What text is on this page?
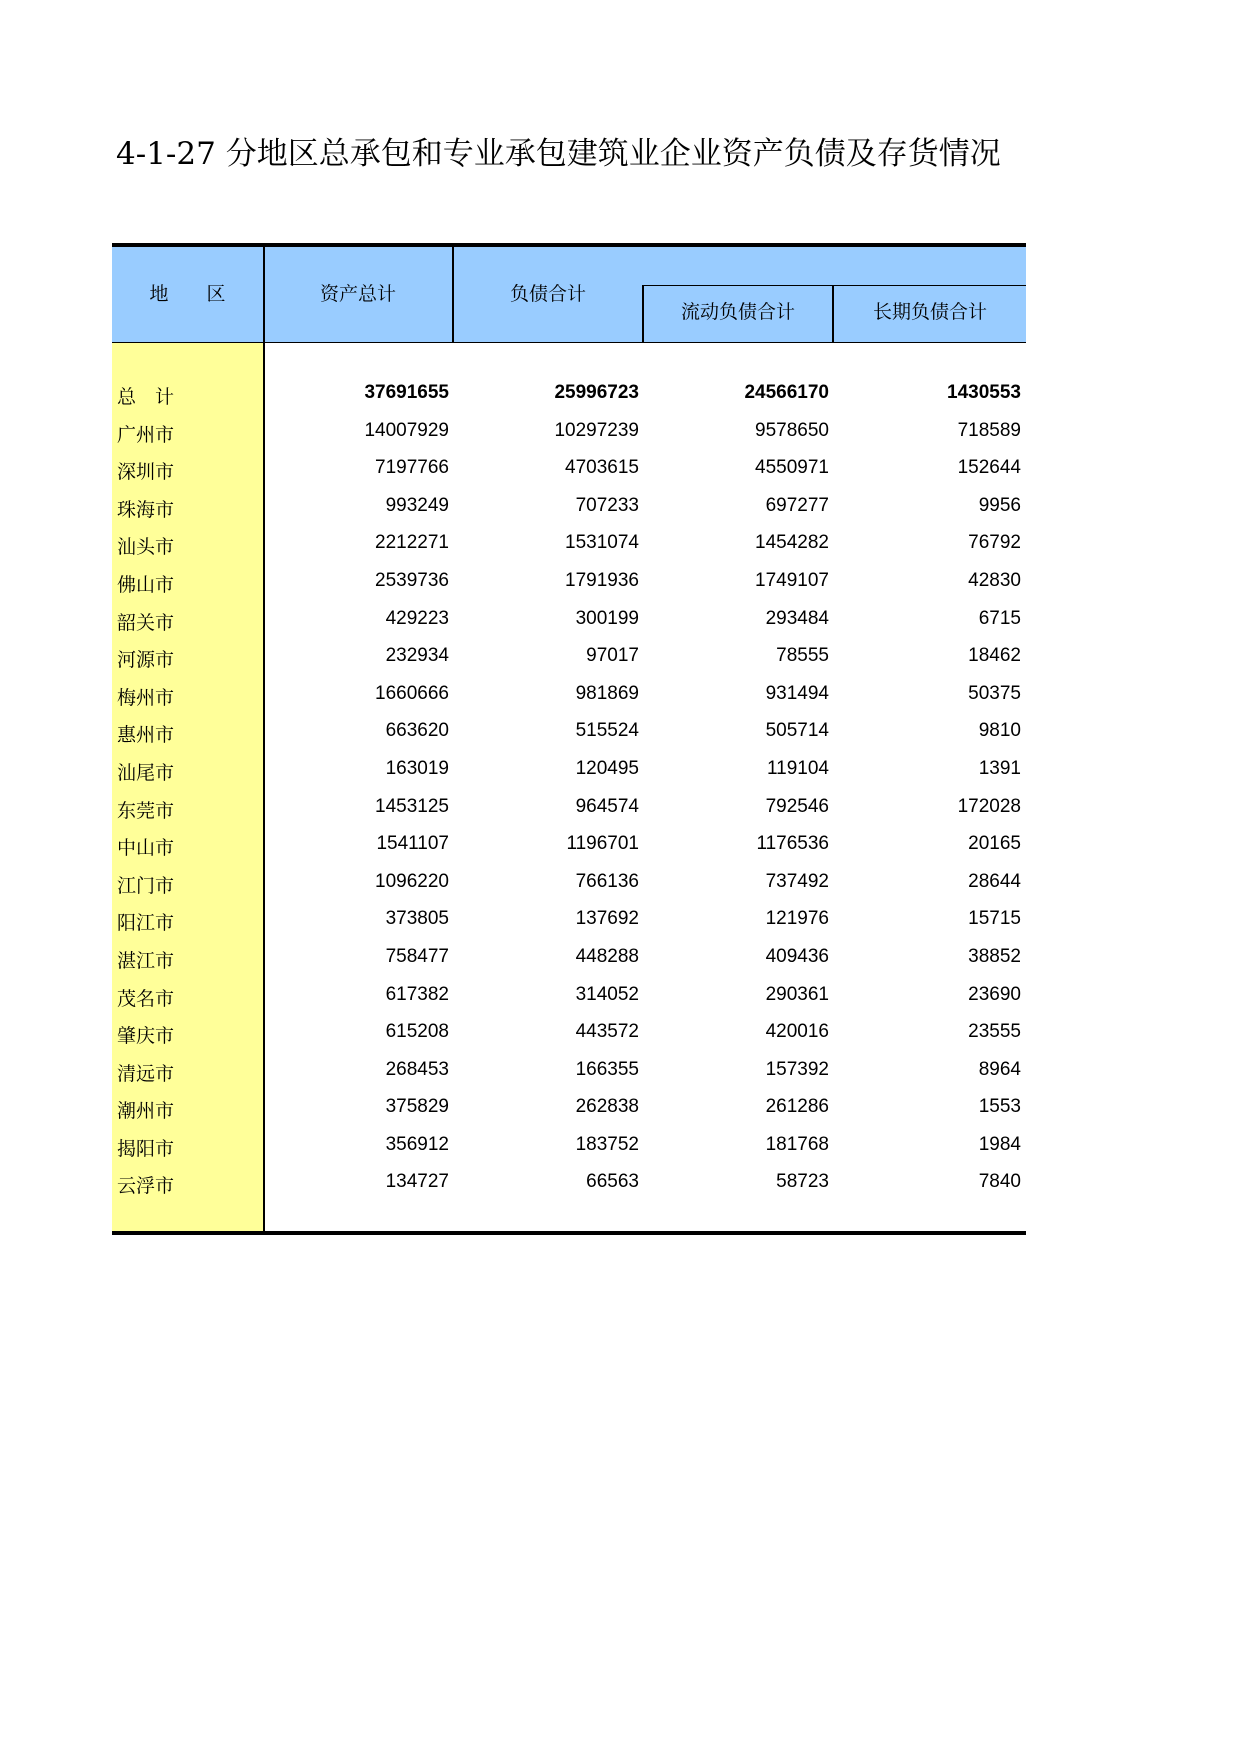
4-1-27 分地区总承包和专业承包建筑业企业资产负债及存货情况
地　　区	资产总计	负债合计
流动负债合计	长期负债合计
总　计	37691655	25996723	24566170	1430553
广州市	14007929	10297239	9578650	718589
深圳市	7197766	4703615	4550971	152644
珠海市	993249	707233	697277	9956
汕头市	2212271	1531074	1454282	76792
佛山市	2539736	1791936	1749107	42830
韶关市	429223	300199	293484	6715
河源市	232934	97017	78555	18462
梅州市	1660666	981869	931494	50375
惠州市	663620	515524	505714	9810
汕尾市	163019	120495	119104	1391
东莞市	1453125	964574	792546	172028
中山市	1541107	1196701	1176536	20165
江门市	1096220	766136	737492	28644
阳江市	373805	137692	121976	15715
湛江市	758477	448288	409436	38852
茂名市	617382	314052	290361	23690
肇庆市	615208	443572	420016	23555
清远市	268453	166355	157392	8964
潮州市	375829	262838	261286	1553
揭阳市	356912	183752	181768	1984
云浮市	134727	66563	58723	7840
